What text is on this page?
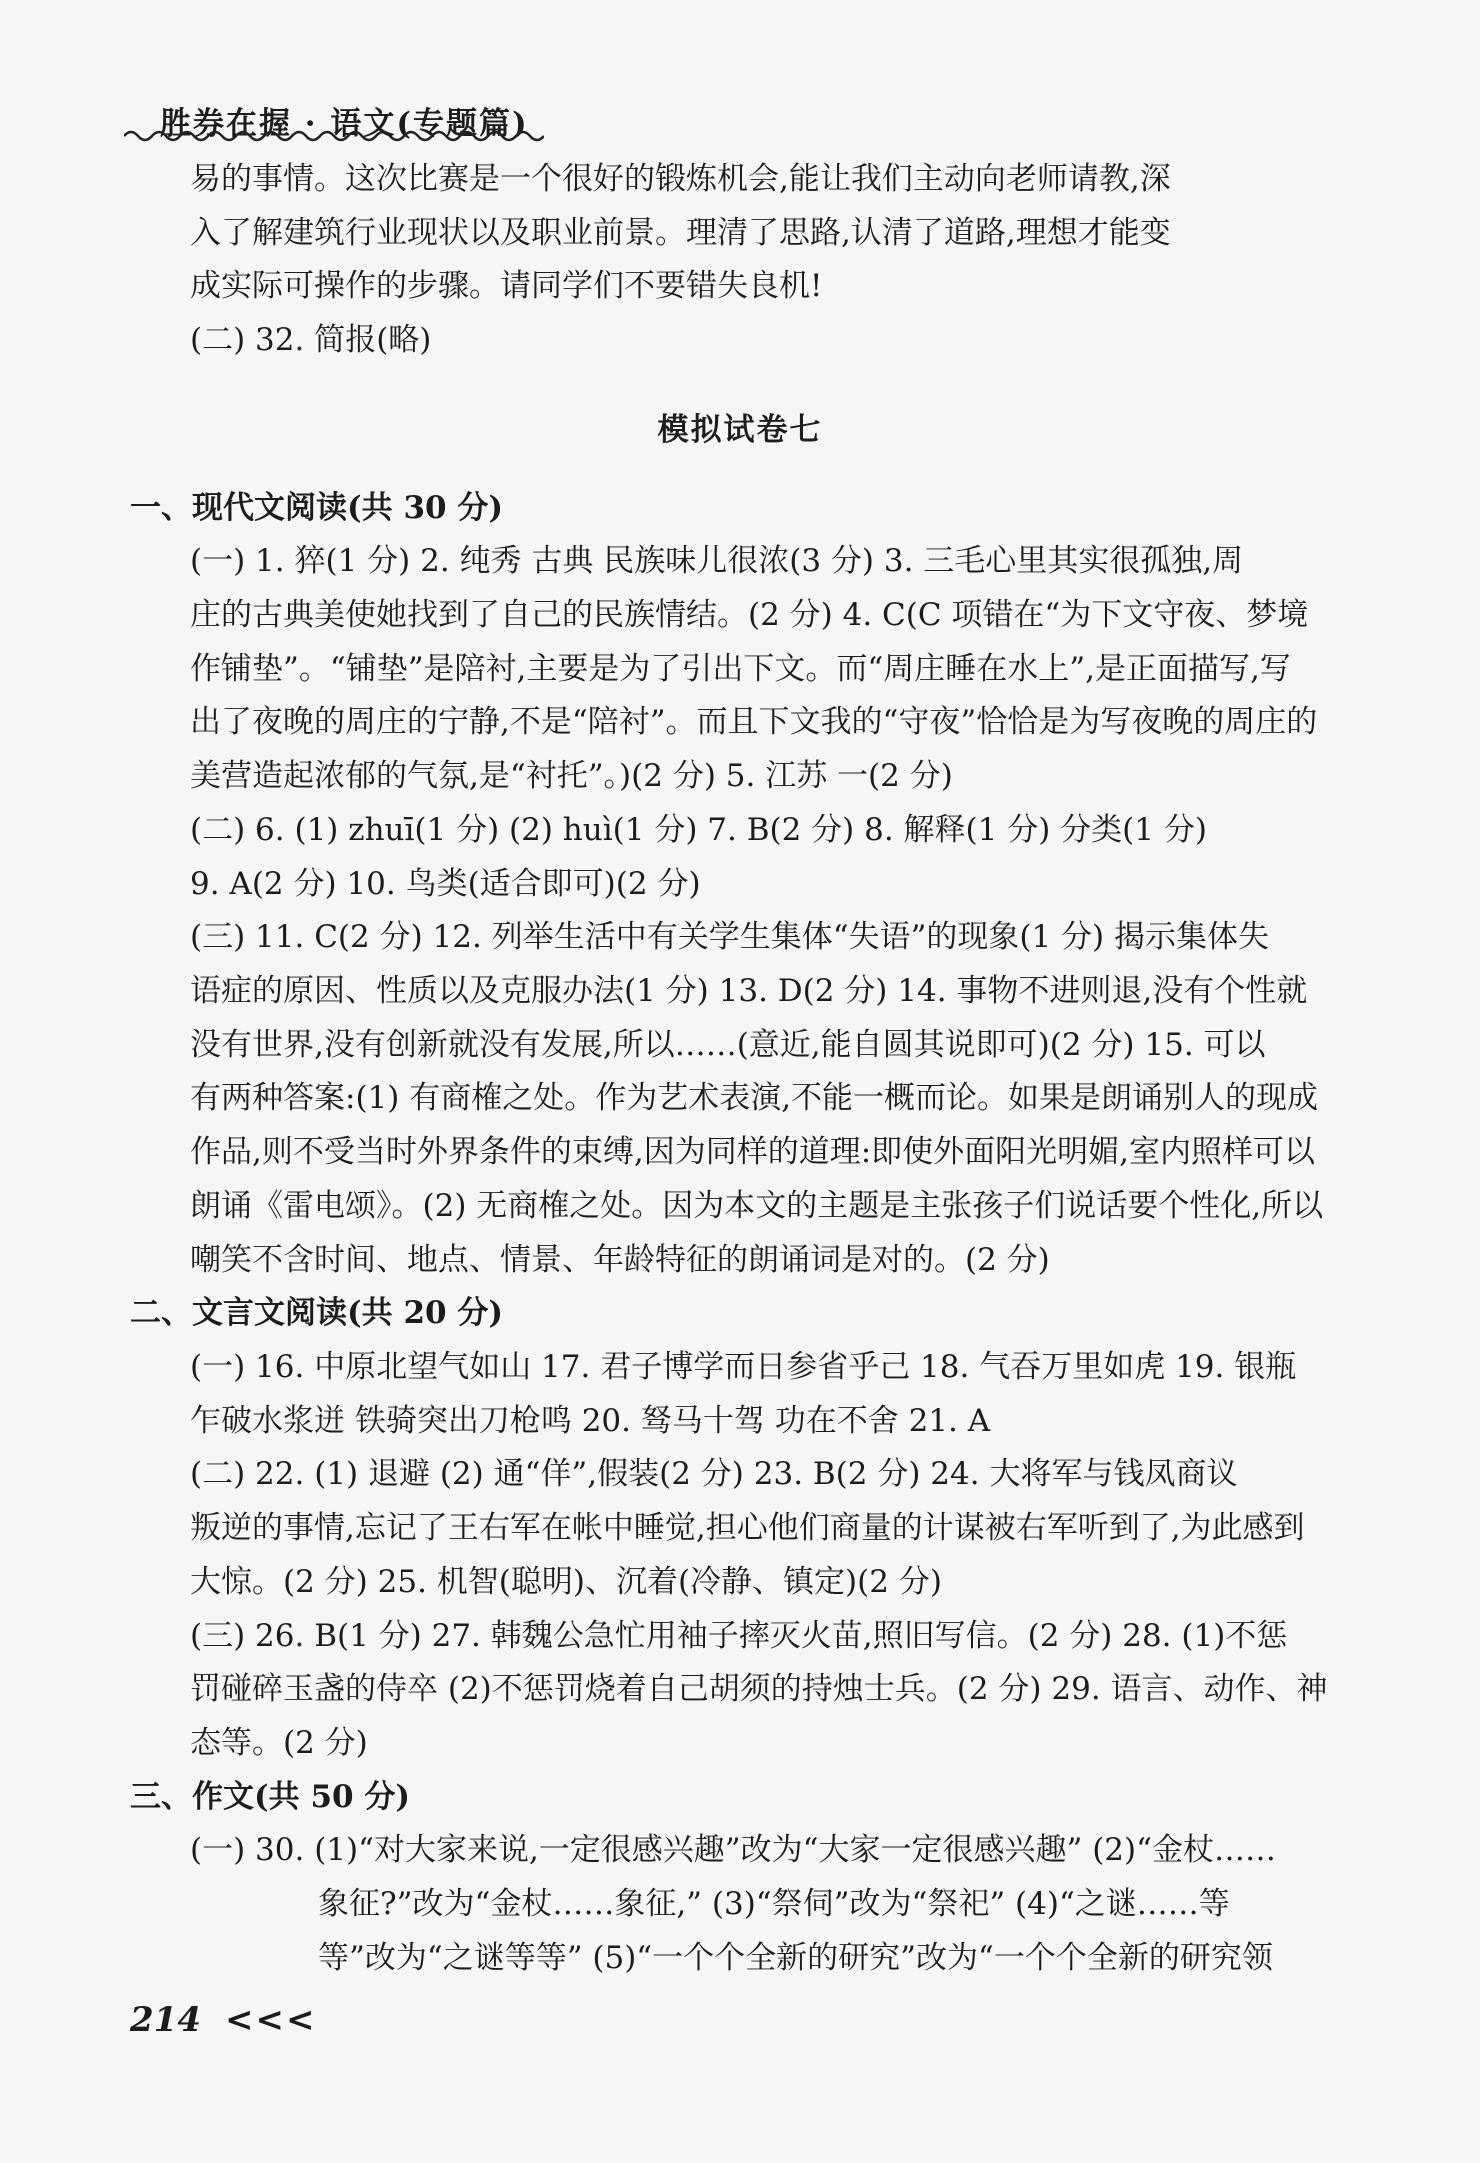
胜券在握 · 语文(专题篇)
易的事情。这次比赛是一个很好的锻炼机会,能让我们主动向老师请教,深
入了解建筑行业现状以及职业前景。理清了思路,认清了道路,理想才能变
成实际可操作的步骤。请同学们不要错失良机!
(二) 32. 简报(略)
模拟试卷七
一、现代文阅读(共 30 分)
(一) 1. 猝(1 分) 2. 纯秀 古典 民族味儿很浓(3 分) 3. 三毛心里其实很孤独,周
庄的古典美使她找到了自己的民族情结。(2 分) 4. C(C 项错在“为下文守夜、梦境
作铺垫”。“铺垫”是陪衬,主要是为了引出下文。而“周庄睡在水上”,是正面描写,写
出了夜晚的周庄的宁静,不是“陪衬”。而且下文我的“守夜”恰恰是为写夜晚的周庄的
美营造起浓郁的气氛,是“衬托”。)(2 分) 5. 江苏 一(2 分)
(二) 6. (1) zhuī(1 分) (2) huì(1 分) 7. B(2 分) 8. 解释(1 分) 分类(1 分)
9. A(2 分) 10. 鸟类(适合即可)(2 分)
(三) 11. C(2 分) 12. 列举生活中有关学生集体“失语”的现象(1 分) 揭示集体失
语症的原因、性质以及克服办法(1 分) 13. D(2 分) 14. 事物不进则退,没有个性就
没有世界,没有创新就没有发展,所以……(意近,能自圆其说即可)(2 分) 15. 可以
有两种答案:(1) 有商榷之处。作为艺术表演,不能一概而论。如果是朗诵别人的现成
作品,则不受当时外界条件的束缚,因为同样的道理:即使外面阳光明媚,室内照样可以
朗诵《雷电颂》。(2) 无商榷之处。因为本文的主题是主张孩子们说话要个性化,所以
嘲笑不含时间、地点、情景、年龄特征的朗诵词是对的。(2 分)
二、文言文阅读(共 20 分)
(一) 16. 中原北望气如山 17. 君子博学而日参省乎己 18. 气吞万里如虎 19. 银瓶
乍破水浆迸 铁骑突出刀枪鸣 20. 驽马十驾 功在不舍 21. A
(二) 22. (1) 退避 (2) 通“佯”,假装(2 分) 23. B(2 分) 24. 大将军与钱凤商议
叛逆的事情,忘记了王右军在帐中睡觉,担心他们商量的计谋被右军听到了,为此感到
大惊。(2 分) 25. 机智(聪明)、沉着(冷静、镇定)(2 分)
(三) 26. B(1 分) 27. 韩魏公急忙用袖子摔灭火苗,照旧写信。(2 分) 28. (1)不惩
罚碰碎玉盏的侍卒 (2)不惩罚烧着自己胡须的持烛士兵。(2 分) 29. 语言、动作、神
态等。(2 分)
三、作文(共 50 分)
(一) 30. (1)“对大家来说,一定很感兴趣”改为“大家一定很感兴趣” (2)“金杖……
象征?”改为“金杖……象征,” (3)“祭伺”改为“祭祀” (4)“之谜……等
等”改为“之谜等等” (5)“一个个全新的研究”改为“一个个全新的研究领
214 <<<
